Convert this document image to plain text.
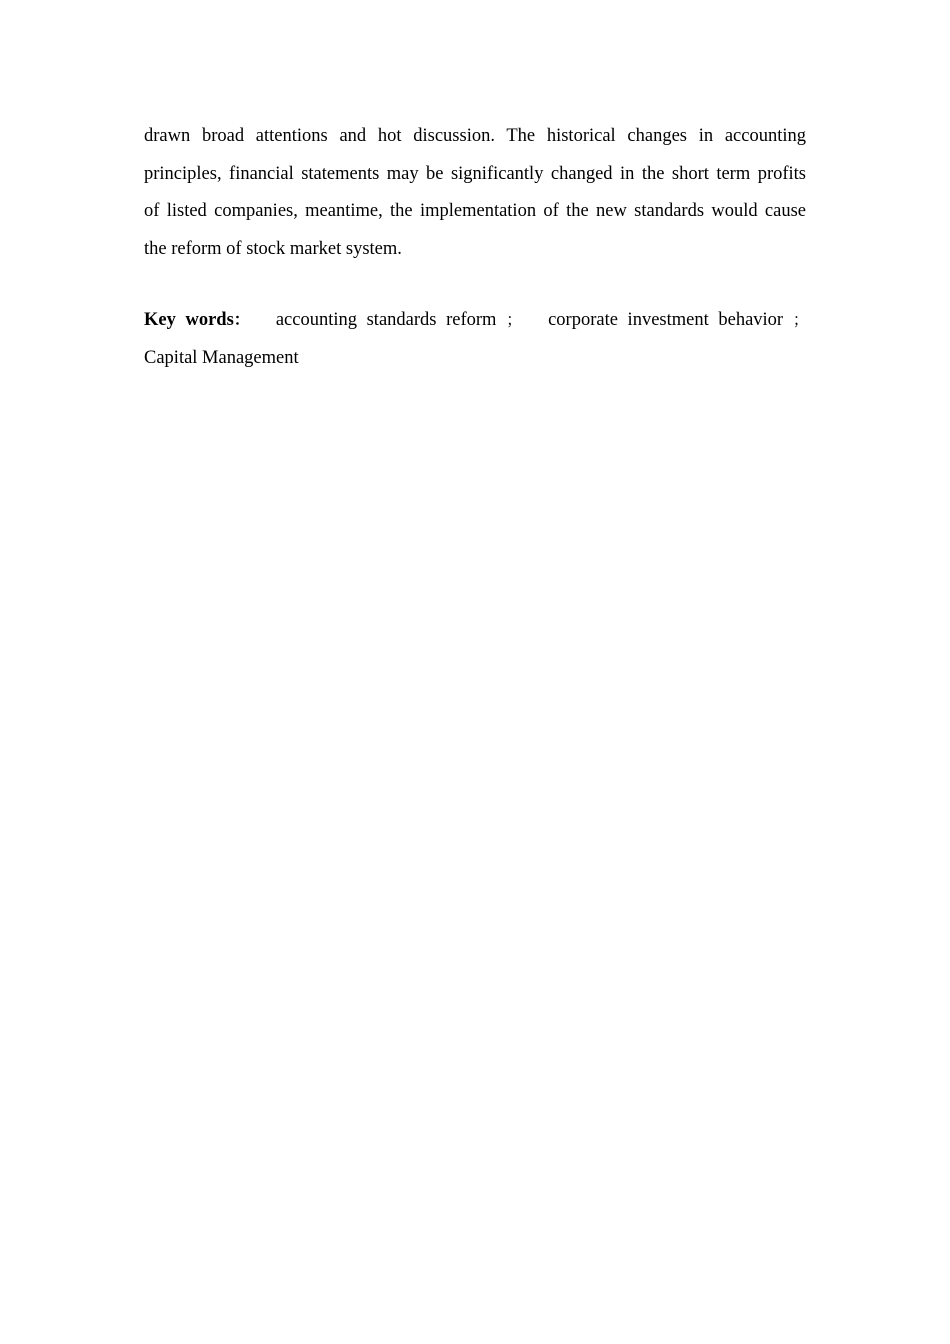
drawn broad attentions and hot discussion. The historical changes in accounting
principles, financial statements may be significantly changed in the short term profits
of listed companies, meantime, the implementation of the new standards would cause
the reform of stock market system.

Key words： accounting standards reform ； corporate investment behavior ；
Capital Management
